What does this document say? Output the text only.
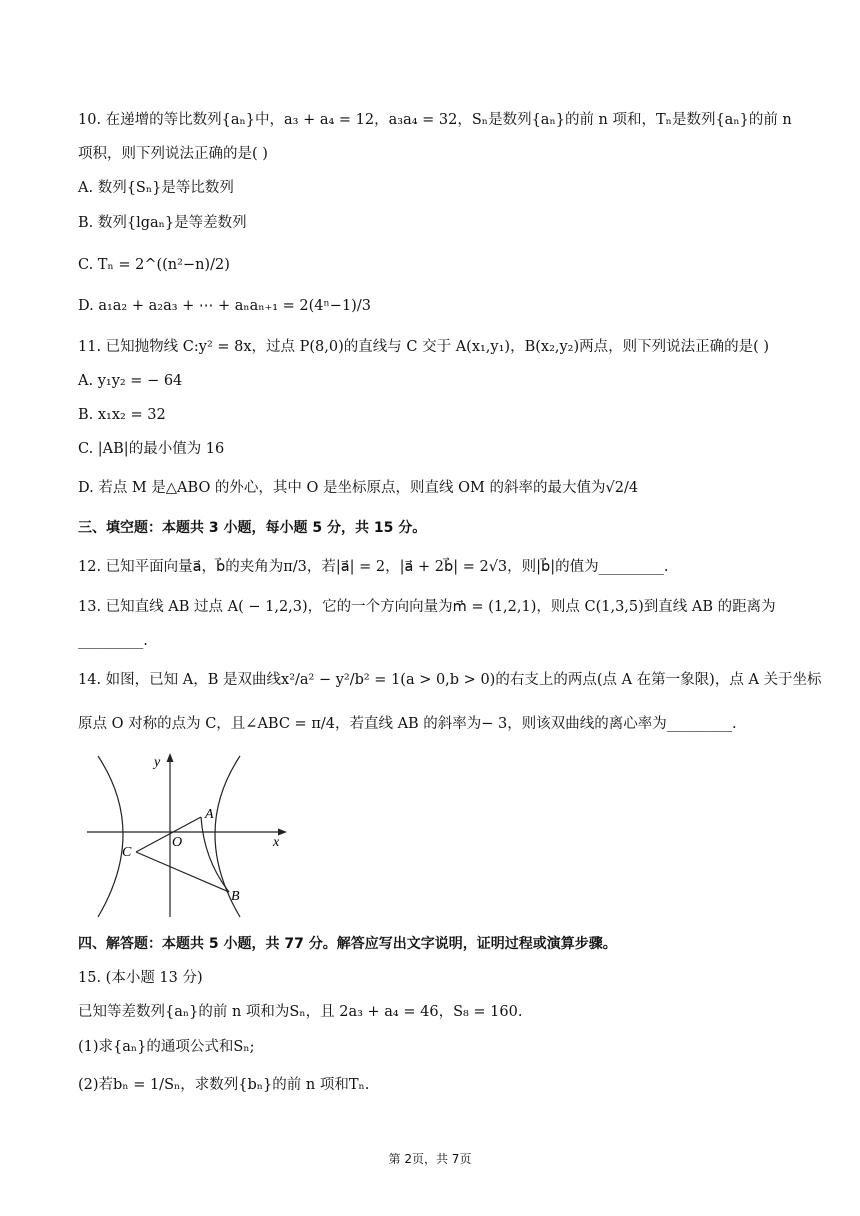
10. 在递增的等比数列{aₙ}中，a₃ + a₄ = 12，a₃a₄ = 32，Sₙ是数列{aₙ}的前 n 项和，Tₙ是数列{aₙ}的前 n
项积，则下列说法正确的是( )
A. 数列{Sₙ}是等比数列
B. 数列{lgaₙ}是等差数列
C. Tₙ = 2^((n²−n)/2)
D. a₁a₂ + a₂a₃ + ⋯ + aₙaₙ₊₁ = 2(4ⁿ−1)/3
11. 已知抛物线 C:y² = 8x，过点 P(8,0)的直线与 C 交于 A(x₁,y₁)，B(x₂,y₂)两点，则下列说法正确的是( )
A. y₁y₂ = − 64
B. x₁x₂ = 32
C. |AB|的最小值为 16
D. 若点 M 是△ABO 的外心，其中 O 是坐标原点，则直线 OM 的斜率的最大值为√2/4
三、填空题：本题共 3 小题，每小题 5 分，共 15 分。
12. 已知平面向量a⃗，b⃗的夹角为π/3，若|a⃗| = 2，|a⃗ + 2b⃗| = 2√3，则|b⃗|的值为_________.
13. 已知直线 AB 过点 A( − 1,2,3)，它的一个方向向量为m⃗ = (1,2,1)，则点 C(1,3,5)到直线 AB 的距离为
_________.
14. 如图，已知 A，B 是双曲线x²/a² − y²/b² = 1(a > 0,b > 0)的右支上的两点(点 A 在第一象限)，点 A 关于坐标
原点 O 对称的点为 C，且∠ABC = π/4，若直线 AB 的斜率为− 3，则该双曲线的离心率为_________.
y
x
O
A
B
C
四、解答题：本题共 5 小题，共 77 分。解答应写出文字说明，证明过程或演算步骤。
15. (本小题 13 分)
已知等差数列{aₙ}的前 n 项和为Sₙ，且 2a₃ + a₄ = 46，S₈ = 160.
(1)求{aₙ}的通项公式和Sₙ;
(2)若bₙ = 1/Sₙ，求数列{bₙ}的前 n 项和Tₙ.
第 2页，共 7页
